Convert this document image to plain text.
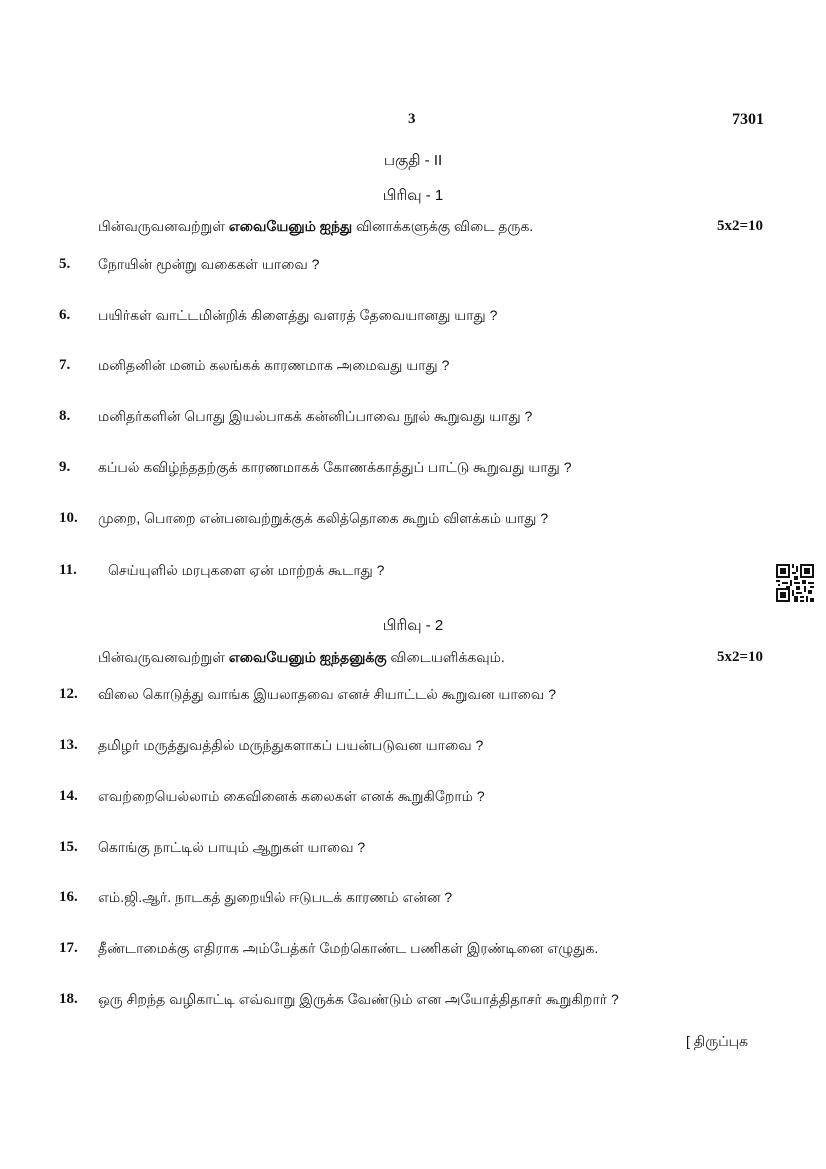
3	7301
பகுதி - II
பிரிவு - 1
பின்வருவனவற்றுள் எவையேனும் ஐந்து வினாக்களுக்கு விடை தருக.	5x2=10
5. நோயின் மூன்று வகைகள் யாவை ?
6. பயிர்கள் வாட்டமின்றிக் கிளைத்து வளரத் தேவையானது யாது ?
7. மனிதனின் மனம் கலங்கக் காரணமாக அமைவது யாது ?
8. மனிதர்களின் பொது இயல்பாகக் கன்னிப்பாவை நூல் கூறுவது யாது ?
9. கப்பல் கவிழ்ந்ததற்குக் காரணமாகக் கோணக்காத்துப் பாட்டு கூறுவது யாது ?
10. முறை, பொறை என்பனவற்றுக்குக் கலித்தொகை கூறும் விளக்கம் யாது ?
11. செய்யுளில் மரபுகளை ஏன் மாற்றக் கூடாது ?
பிரிவு - 2
பின்வருவனவற்றுள் எவையேனும் ஐந்தனுக்கு விடையளிக்கவும்.	5x2=10
12. விலை கொடுத்து வாங்க இயலாதவை எனச் சியாட்டல் கூறுவன யாவை ?
13. தமிழர் மருத்துவத்தில் மருந்துகளாகப் பயன்படுவன யாவை ?
14. எவற்றையெல்லாம் கைவினைக் கலைகள் எனக் கூறுகிறோம் ?
15. கொங்கு நாட்டில் பாயும் ஆறுகள் யாவை ?
16. எம்.ஜி.ஆர். நாடகத் துறையில் ஈடுபடக் காரணம் என்ன ?
17. தீண்டாமைக்கு எதிராக அம்பேத்கர் மேற்கொண்ட பணிகள் இரண்டினை எழுதுக.
18. ஒரு சிறந்த வழிகாட்டி எவ்வாறு இருக்க வேண்டும் என அயோத்திதாசர் கூறுகிறார் ?
[ திருப்புக
